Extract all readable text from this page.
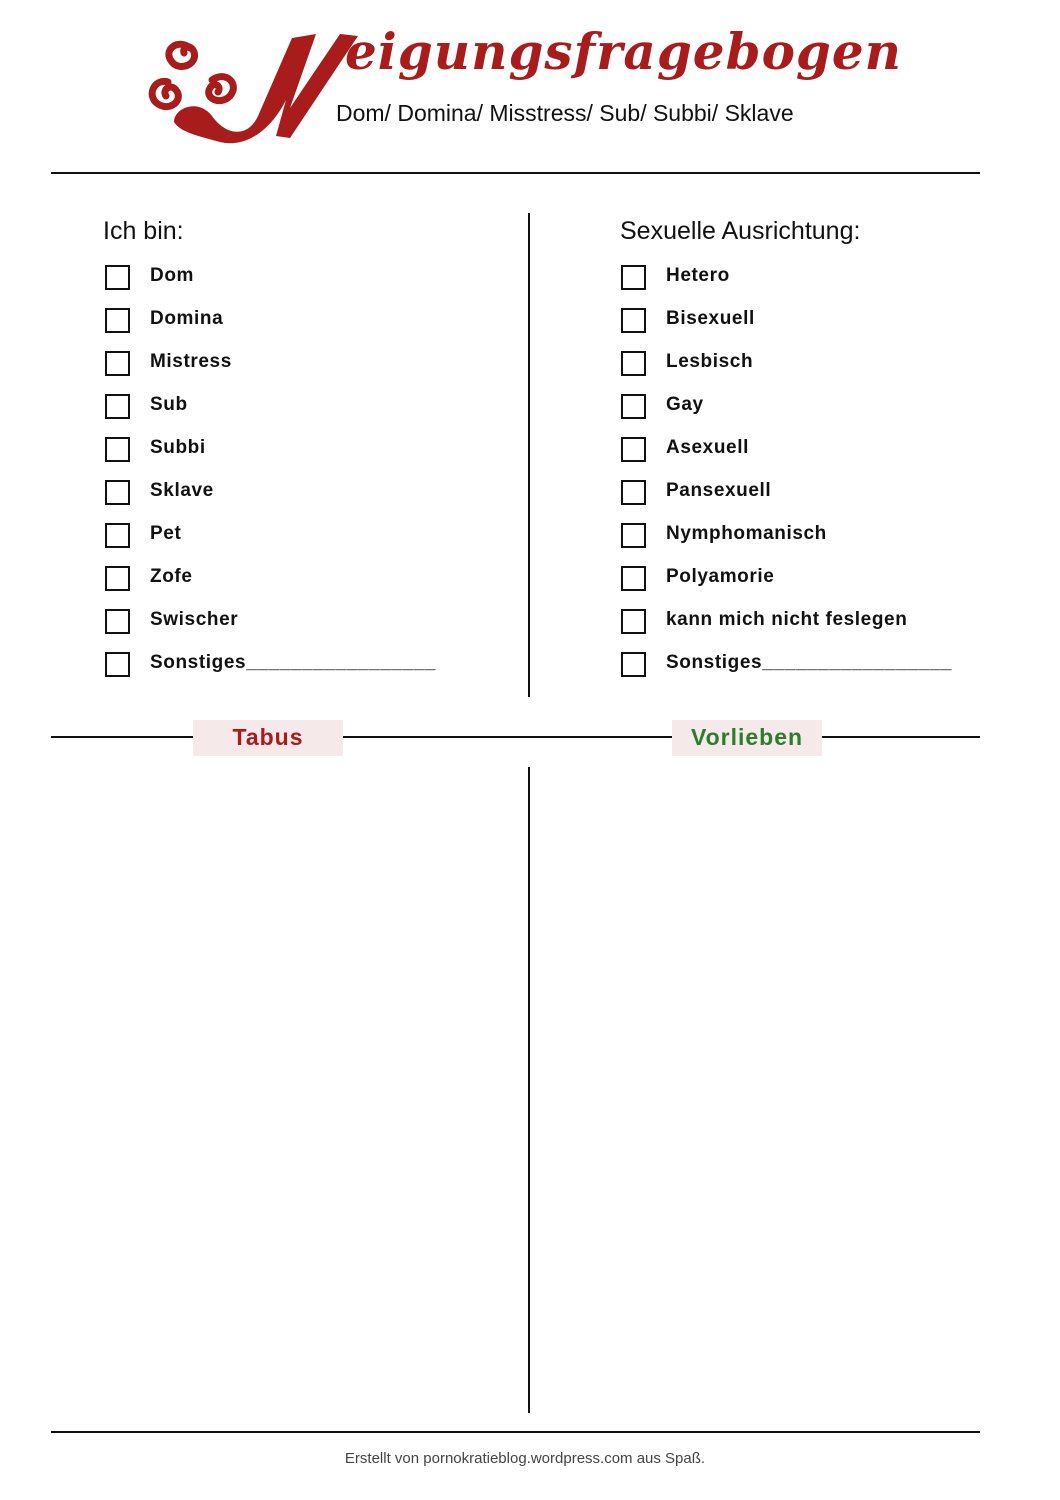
N
eigungsfragebogen
Dom/ Domina/ Misstress/ Sub/ Subbi/ Sklave
Ich bin:
Dom
Domina
Mistress
Sub
Subbi
Sklave
Pet
Zofe
Swischer
Sonstiges_________________
Sexuelle Ausrichtung:
Hetero
Bisexuell
Lesbisch
Gay
Asexuell
Pansexuell
Nymphomanisch
Polyamorie
kann mich nicht feslegen
Sonstiges_________________
Tabus	Vorlieben
Erstellt von pornokratieblog.wordpress.com aus Spaß.
